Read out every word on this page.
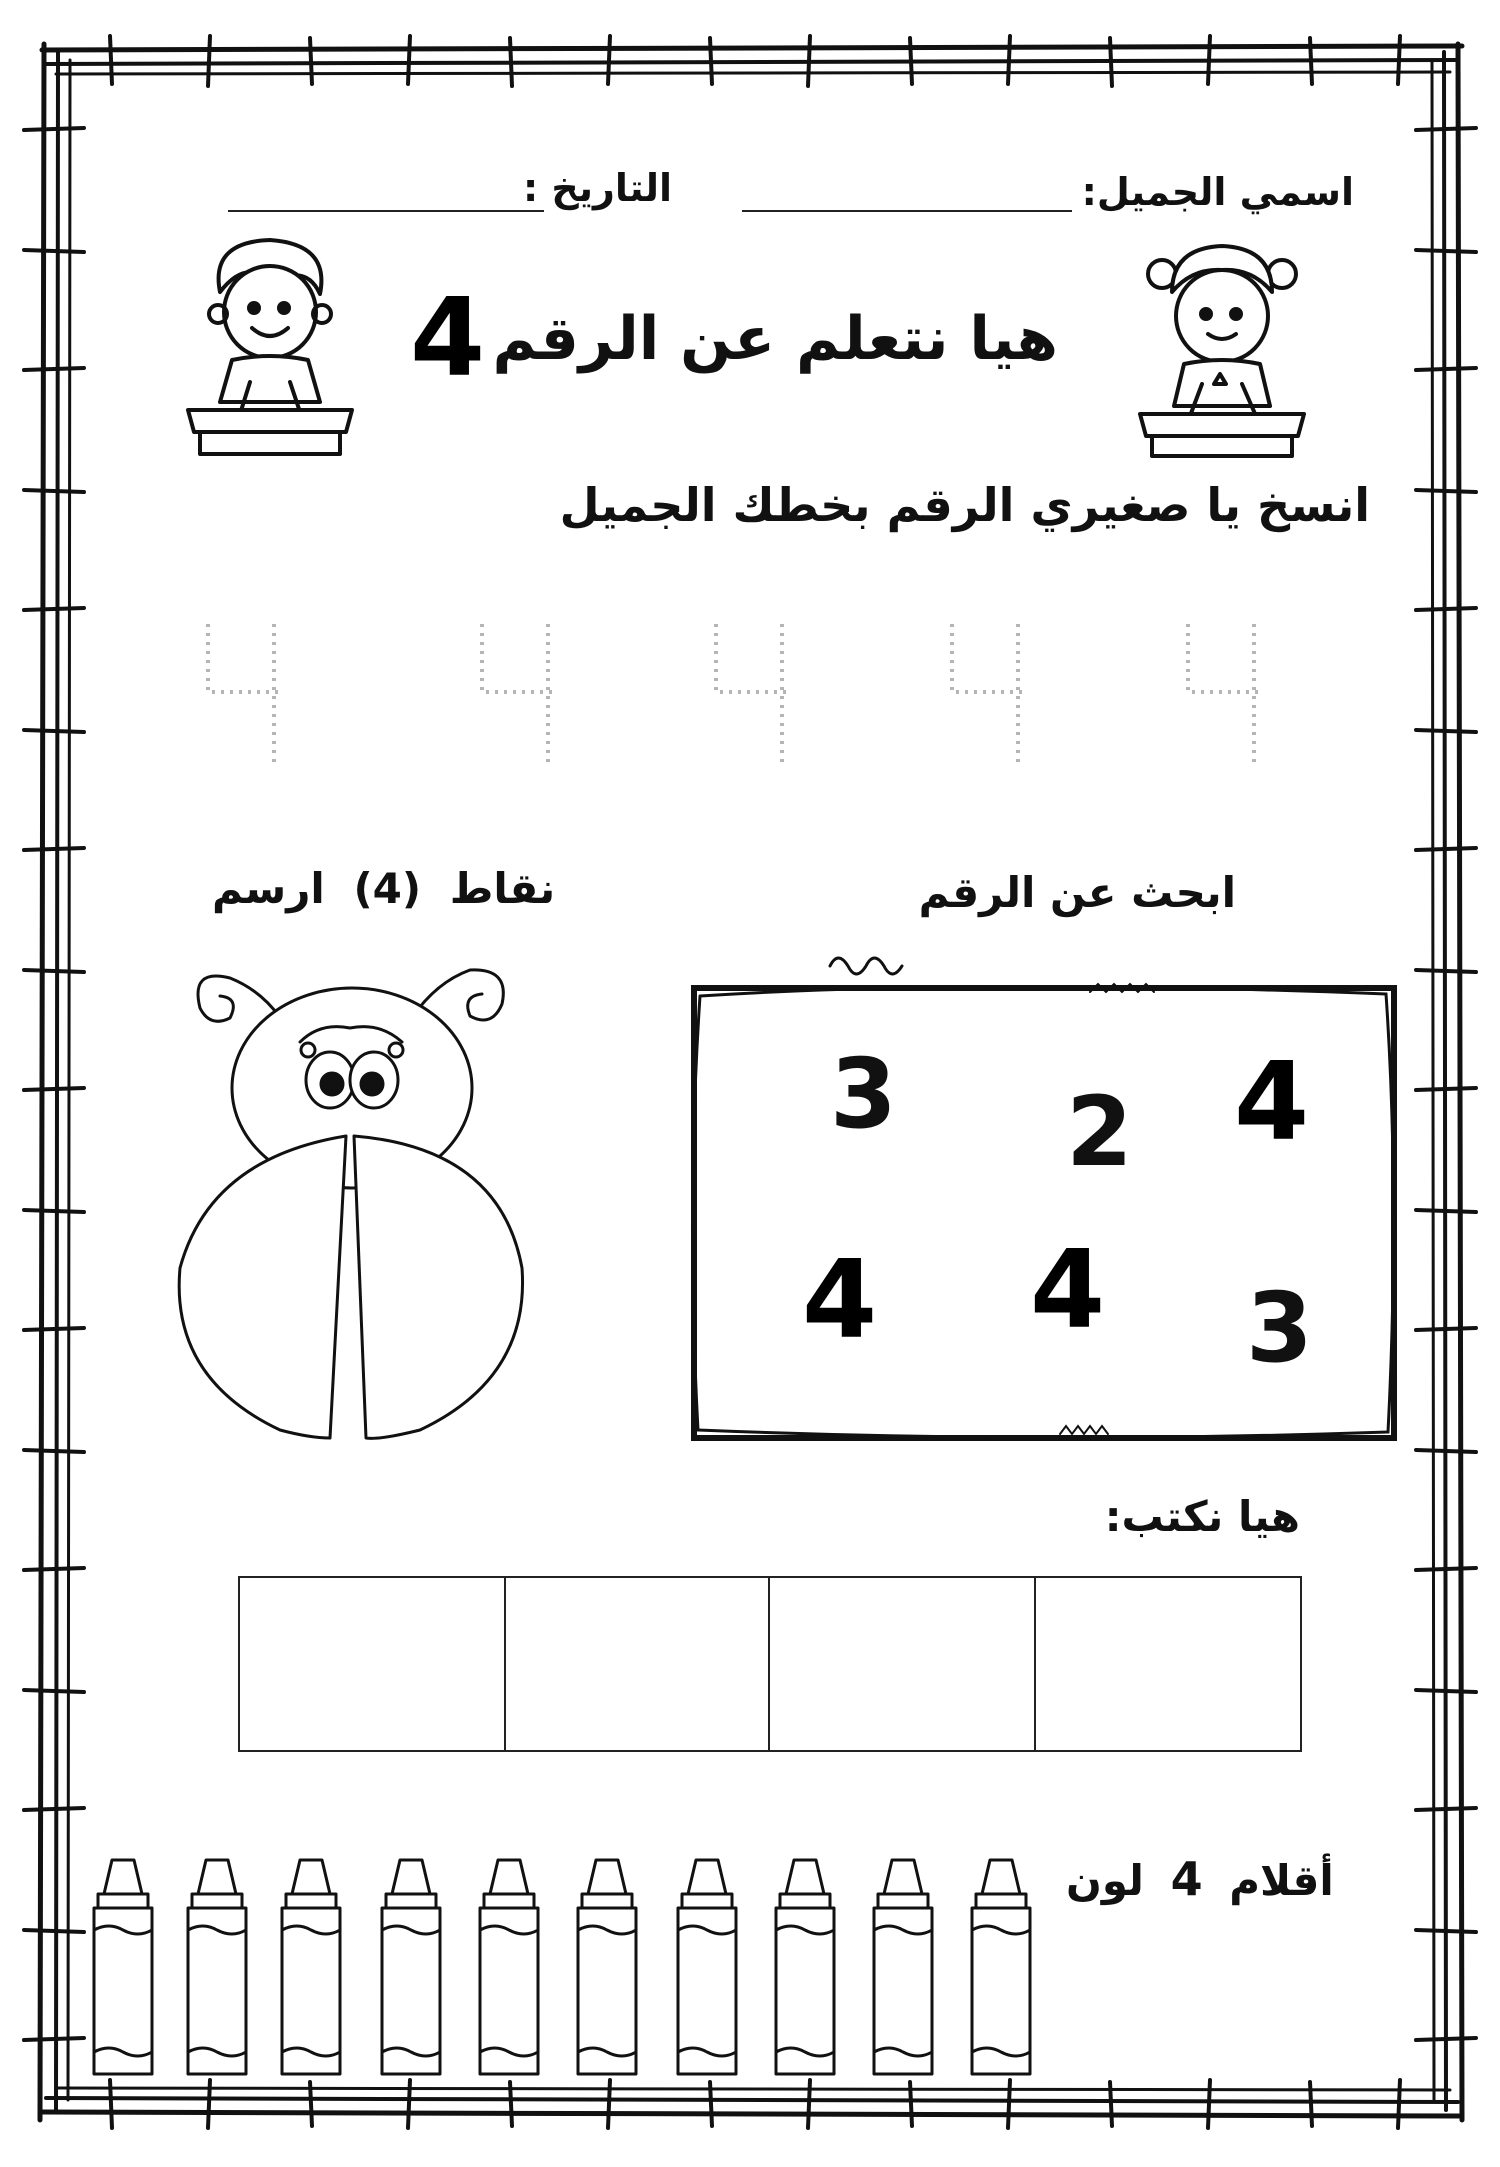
اسمي الجميل:
التاريخ :
هيا نتعلم عن الرقم
4
انسخ يا صغيري الرقم بخطك الجميل
نقاط (4) ارسم	ابحث عن الرقم
3 2 4
4 4 3
هيا نكتب:
أقلام 4 لون
